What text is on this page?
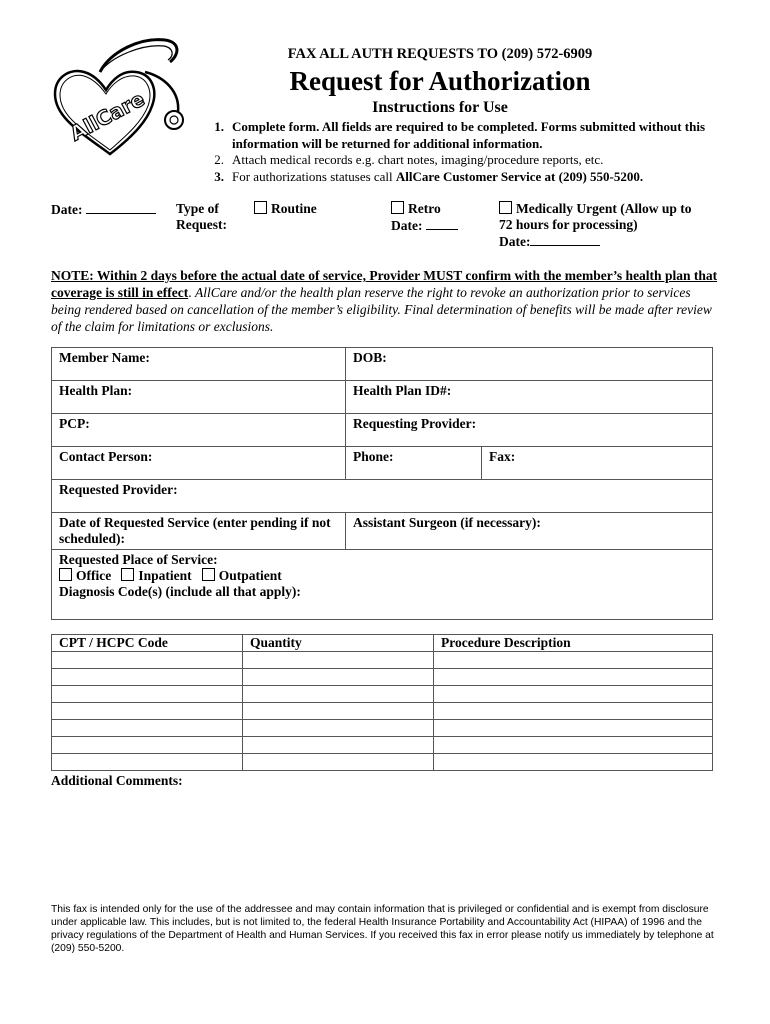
AllCare
FAX ALL AUTH REQUESTS TO (209) 572-6909
Request for Authorization
Instructions for Use
1. Complete form. All fields are required to be completed. Forms submitted without this information will be returned for additional information.
2. Attach medical records e.g. chart notes, imaging/procedure reports, etc.
3. For authorizations statuses call AllCare Customer Service at (209) 550-5200.
Date:	Type of
Request:
Routine	Retro
Date:
Medically Urgent (Allow up to
72 hours for processing)
Date:
NOTE: Within 2 days before the actual date of service, Provider MUST confirm with the member’s health plan that coverage is still in effect. AllCare and/or the health plan reserve the right to revoke an authorization prior to services being rendered based on cancellation of the member’s eligibility. Final determination of benefits will be made after review of the claim for limitations or exclusions.
Member Name:	DOB:	
Health Plan:	Health Plan ID#:	
PCP:	Requesting Provider:	
Contact Person:	Phone:	Fax:
Requested Provider:		
Date of Requested Service (enter pending if not scheduled):	Assistant Surgeon (if necessary):	

Requested Place of Service:
Office Inpatient Outpatient
Diagnosis Code(s) (include all that apply):		
CPT / HCPC Code	Quantity	Procedure Description

Additional Comments:
This fax is intended only for the use of the addressee and may contain information that is privileged or confidential and is exempt from disclosure under applicable law. This includes, but is not limited to, the federal Health Insurance Portability and Accountability Act (HIPAA) of 1996 and the privacy regulations of the Department of Health and Human Services. If you received this fax in error please notify us immediately by telephone at (209) 550-5200.
